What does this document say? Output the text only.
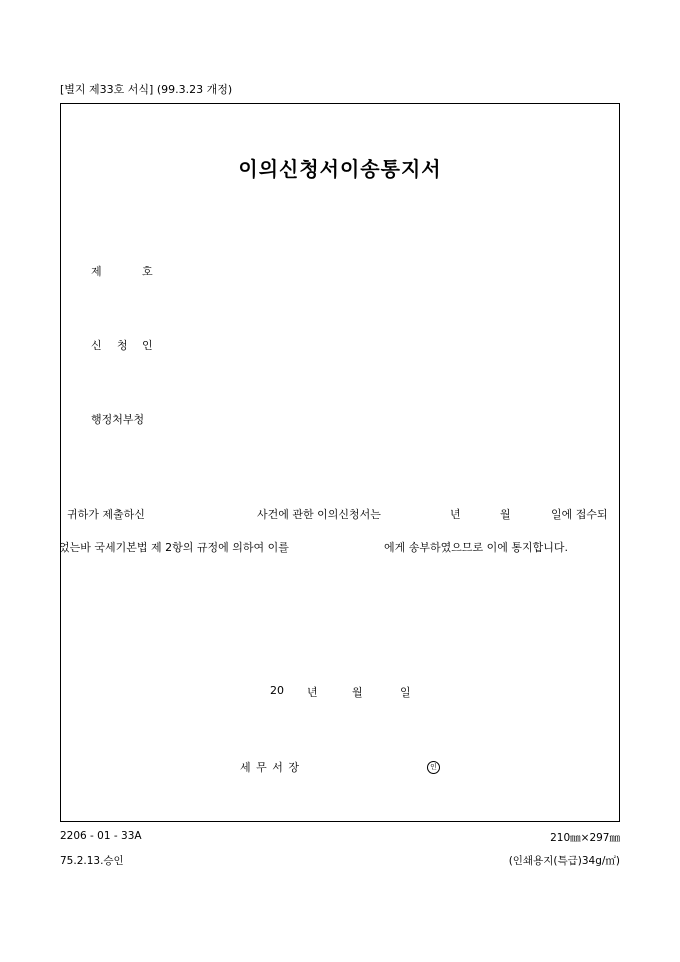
[별지 제33호 서식] (99.3.23 개정)
이의신청서이송통지서
제	호
신 청 인
행정처부청
귀하가 제출하신	사건에 관한 이의신청서는	년	월	일에 접수되
었는바 국세기본법 제 2항의 규정에 의하여 이를	에게 송부하였으므로 이에 통지합니다.
20 년	월	일
세 무 서 장	인
2206 - 01 - 33A
75.2.13.승인
210㎜×297㎜
(인쇄용지(특급)34g/㎡)
